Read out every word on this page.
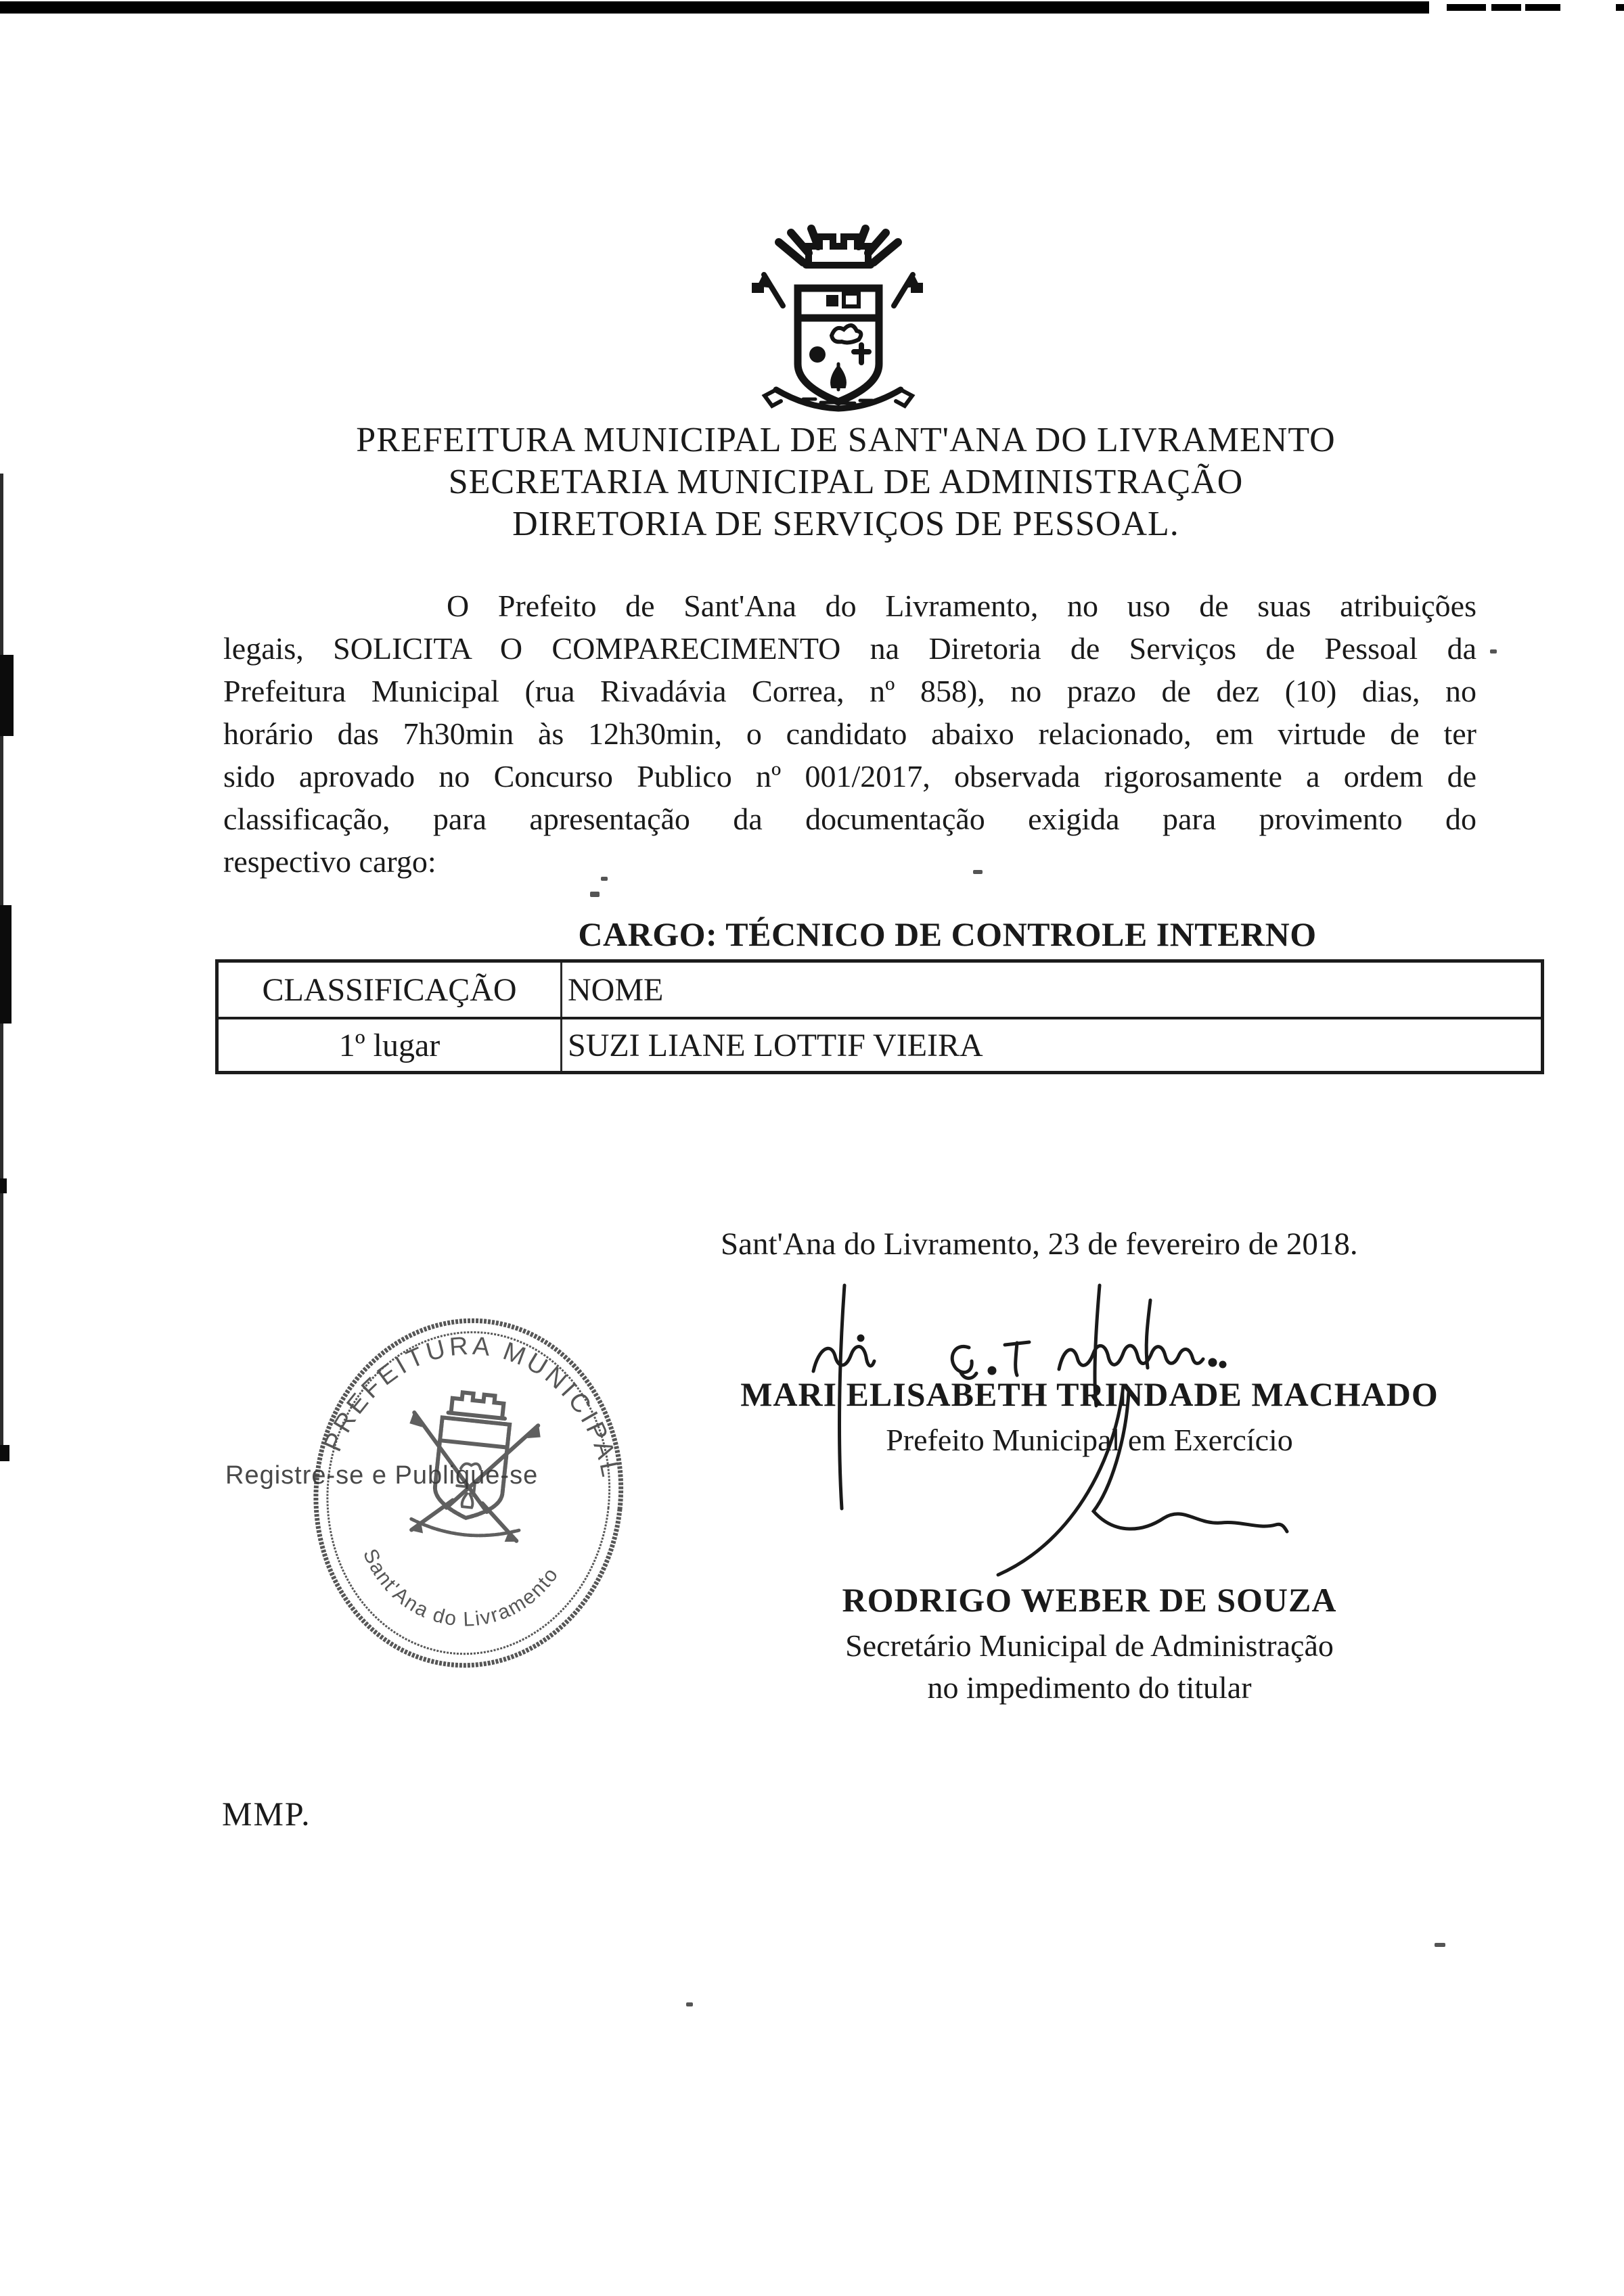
PREFEITURA MUNICIPAL DE SANT'ANA DO LIVRAMENTO
SECRETARIA MUNICIPAL DE ADMINISTRAÇÃO
DIRETORIA DE SERVIÇOS DE PESSOAL.
O Prefeito de Sant'Ana do Livramento, no uso de suas atribuições
legais, SOLICITA O COMPARECIMENTO na Diretoria de Serviços de Pessoal da
Prefeitura Municipal (rua Rivadávia Correa, nº 858), no prazo de dez (10) dias, no
horário das 7h30min às 12h30min, o candidato abaixo relacionado, em virtude de ter
sido aprovado no Concurso Publico nº 001/2017, observada rigorosamente a ordem de
classificação, para apresentação da documentação exigida para provimento do
respectivo cargo:
CARGO: TÉCNICO DE CONTROLE INTERNO
CLASSIFICAÇÃO	NOME
1º lugar	SUZI LIANE LOTTIF VIEIRA
Sant'Ana do Livramento, 23 de fevereiro de 2018.
MARI ELISABETH TRINDADE MACHADO
Prefeito Municipal em Exercício
RODRIGO WEBER DE SOUZA
Secretário Municipal de Administração
no impedimento do titular
PREFEITURA MUNICIPAL
Sant'Ana do Livramento
Registre-se e Publique-se
MMP.
